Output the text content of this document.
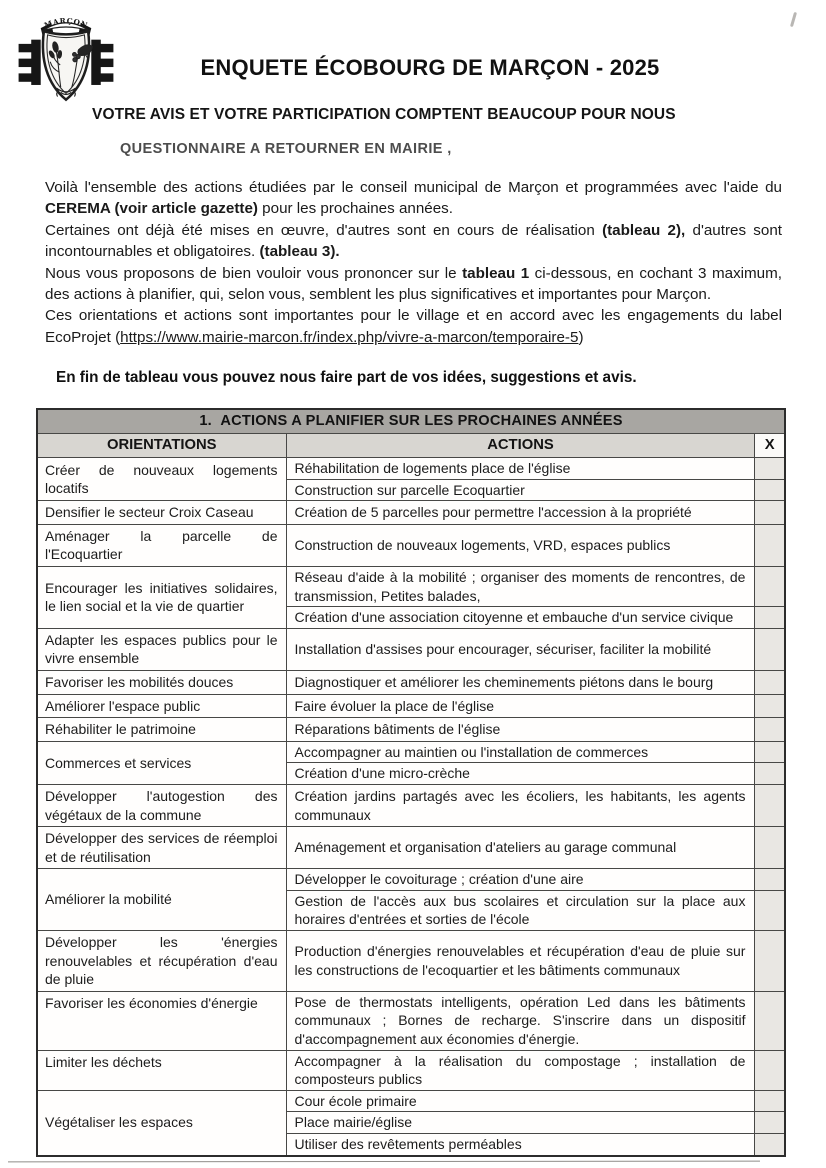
MARÇON
ENQUETE ÉCOBOURG DE MARÇON - 2025
VOTRE AVIS ET VOTRE PARTICIPATION COMPTENT BEAUCOUP POUR NOUS
QUESTIONNAIRE A RETOURNER EN MAIRIE ,

Voilà l'ensemble des actions étudiées par le conseil municipal de Marçon et programmées avec l'aide du CEREMA (voir article gazette) pour les prochaines années.

Certaines ont déjà été mises en œuvre, d'autres sont en cours de réalisation (tableau 2), d'autres sont incontournables et obligatoires. (tableau 3).

Nous vous proposons de bien vouloir vous prononcer sur le tableau 1 ci-dessous, en cochant 3 maximum, des actions à planifier, qui, selon vous, semblent les plus significatives et importantes pour Marçon.

Ces orientations et actions sont importantes pour le village et en accord avec les engagements du label EcoProjet (https://www.mairie-marcon.fr/index.php/vivre-a-marcon/temporaire-5)

En fin de tableau vous pouvez nous faire part de vos idées, suggestions et avis.
1.  ACTIONS A PLANIFIER SUR LES PROCHAINES ANNÉES		
ORIENTATIONS	ACTIONS	X
Créer de nouveaux logements locatifs	Réhabilitation de logements place de l'église	
	Construction sur parcelle Ecoquartier	
Densifier le secteur Croix Caseau	Création de 5 parcelles pour permettre l'accession à la propriété	
Aménager la parcelle de l'Ecoquartier	Construction de nouveaux logements, VRD, espaces publics	
Encourager les initiatives solidaires, le lien social et la vie de quartier	Réseau d'aide à la mobilité ; organiser des moments de rencontres, de transmission, Petites balades,	
	Création d'une association citoyenne et embauche d'un service civique	
Adapter les espaces publics pour le vivre ensemble	Installation d'assises pour encourager, sécuriser, faciliter la mobilité	
Favoriser les mobilités douces	Diagnostiquer et améliorer les cheminements piétons dans le bourg	
Améliorer l'espace public	Faire évoluer la place de l'église	
Réhabiliter le patrimoine	Réparations bâtiments de l'église	
Commerces et services	Accompagner au maintien ou l'installation de commerces	
	Création d'une micro-crèche	
Développer l'autogestion des végétaux de la commune	Création jardins partagés avec les écoliers, les habitants, les agents communaux	
Développer des services de réemploi et de réutilisation	Aménagement et organisation d'ateliers au garage communal	
Améliorer la mobilité	Développer le covoiturage ; création d'une aire	
	Gestion de l'accès aux bus scolaires et circulation sur la place aux horaires d'entrées et sorties de l'école	
Développer les 'énergies renouvelables et récupération d'eau de pluie	Production d'énergies renouvelables et récupération d'eau de pluie sur les constructions de l'ecoquartier et les bâtiments communaux	
Favoriser les économies d'énergie	Pose de thermostats intelligents, opération Led dans les bâtiments communaux ; Bornes de recharge. S'inscrire dans un dispositif d'accompagnement aux économies d'énergie.	
Limiter les déchets	Accompagner à la réalisation du compostage ; installation de composteurs publics	
Végétaliser les espaces	Cour école primaire	
	Place mairie/église	
	Utiliser des revêtements perméables	
